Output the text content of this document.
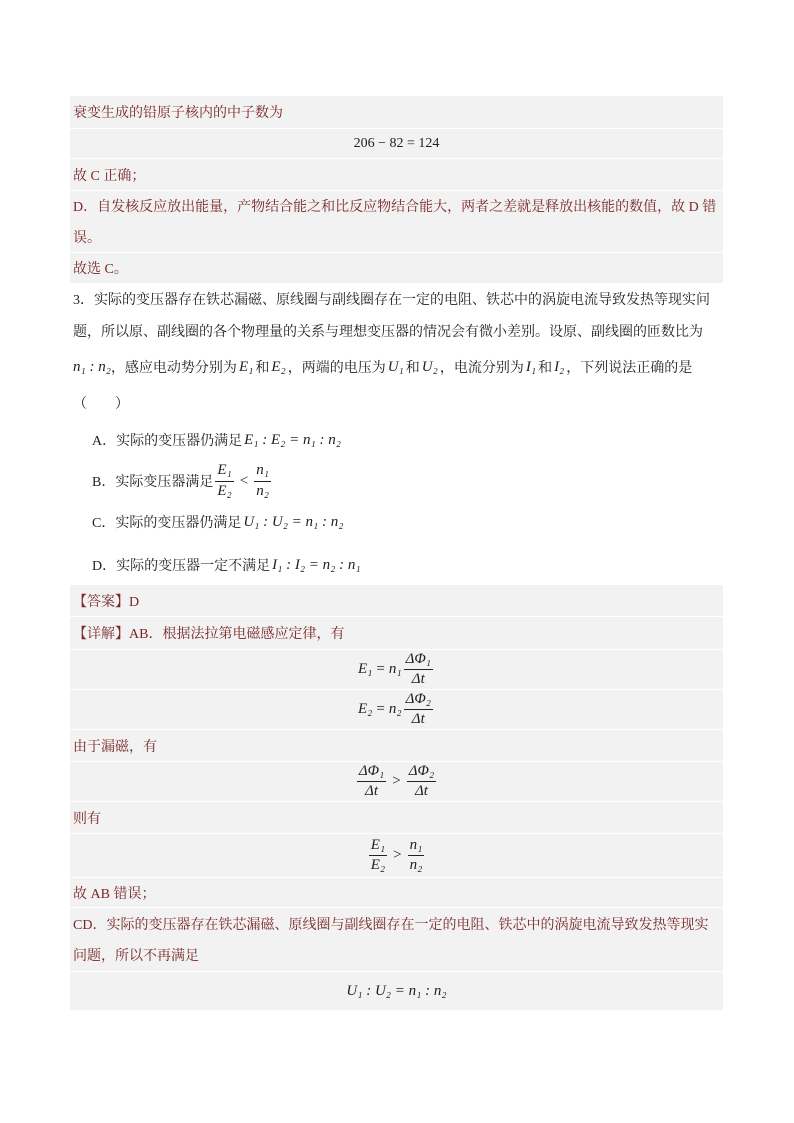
衰变生成的铅原子核内的中子数为
206 − 82 = 124
故 C 正确；
D．自发核反应放出能量，产物结合能之和比反应物结合能大，两者之差就是释放出核能的数值，故 D 错
误。
故选 C。
3．实际的变压器存在铁芯漏磁、原线圈与副线圈存在一定的电阻、铁芯中的涡旋电流导致发热等现实问
题，所以原、副线圈的各个物理量的关系与理想变压器的情况会有微小差别。设原、副线圈的匝数比为
n₁ : n₂ ，感应电动势分别为 E₁ 和 E₂ ，两端的电压为 U₁ 和 U₂ ，电流分别为 I₁ 和 I₂ ，下列说法正确的是
（　　）
A．实际的变压器仍满足 E₁ : E₂ = n₁ : n₂
B．实际变压器满足 $\frac{\text{E₁}}{\text{E₂}} < \frac{\text{n₁}}{\text{n₂}}$
C．实际的变压器仍满足 U₁ : U₂ = n₁ : n₂
D．实际的变压器一定不满足 I₁ : I₂ = n₂ : n₁
【答案】D
【详解】AB．根据法拉第电磁感应定律，有
$E_1 = n_1 \frac{\text{ΔΦ₁}}{\Delta t}$
$E_2 = n_2 \frac{\text{ΔΦ₂}}{\Delta t}$
由于漏磁，有
$\frac{\text{ΔΦ₁}}{\Delta t} > \frac{\text{ΔΦ₂}}{\Delta t}$
则有
$\frac{\text{E₁}}{\text{E₂}} > \frac{\text{n₁}}{\text{n₂}}$
故 AB 错误；
CD．实际的变压器存在铁芯漏磁、原线圈与副线圈存在一定的电阻、铁芯中的涡旋电流导致发热等现实
问题，所以不再满足
U₁ : U₂ = n₁ : n₂
